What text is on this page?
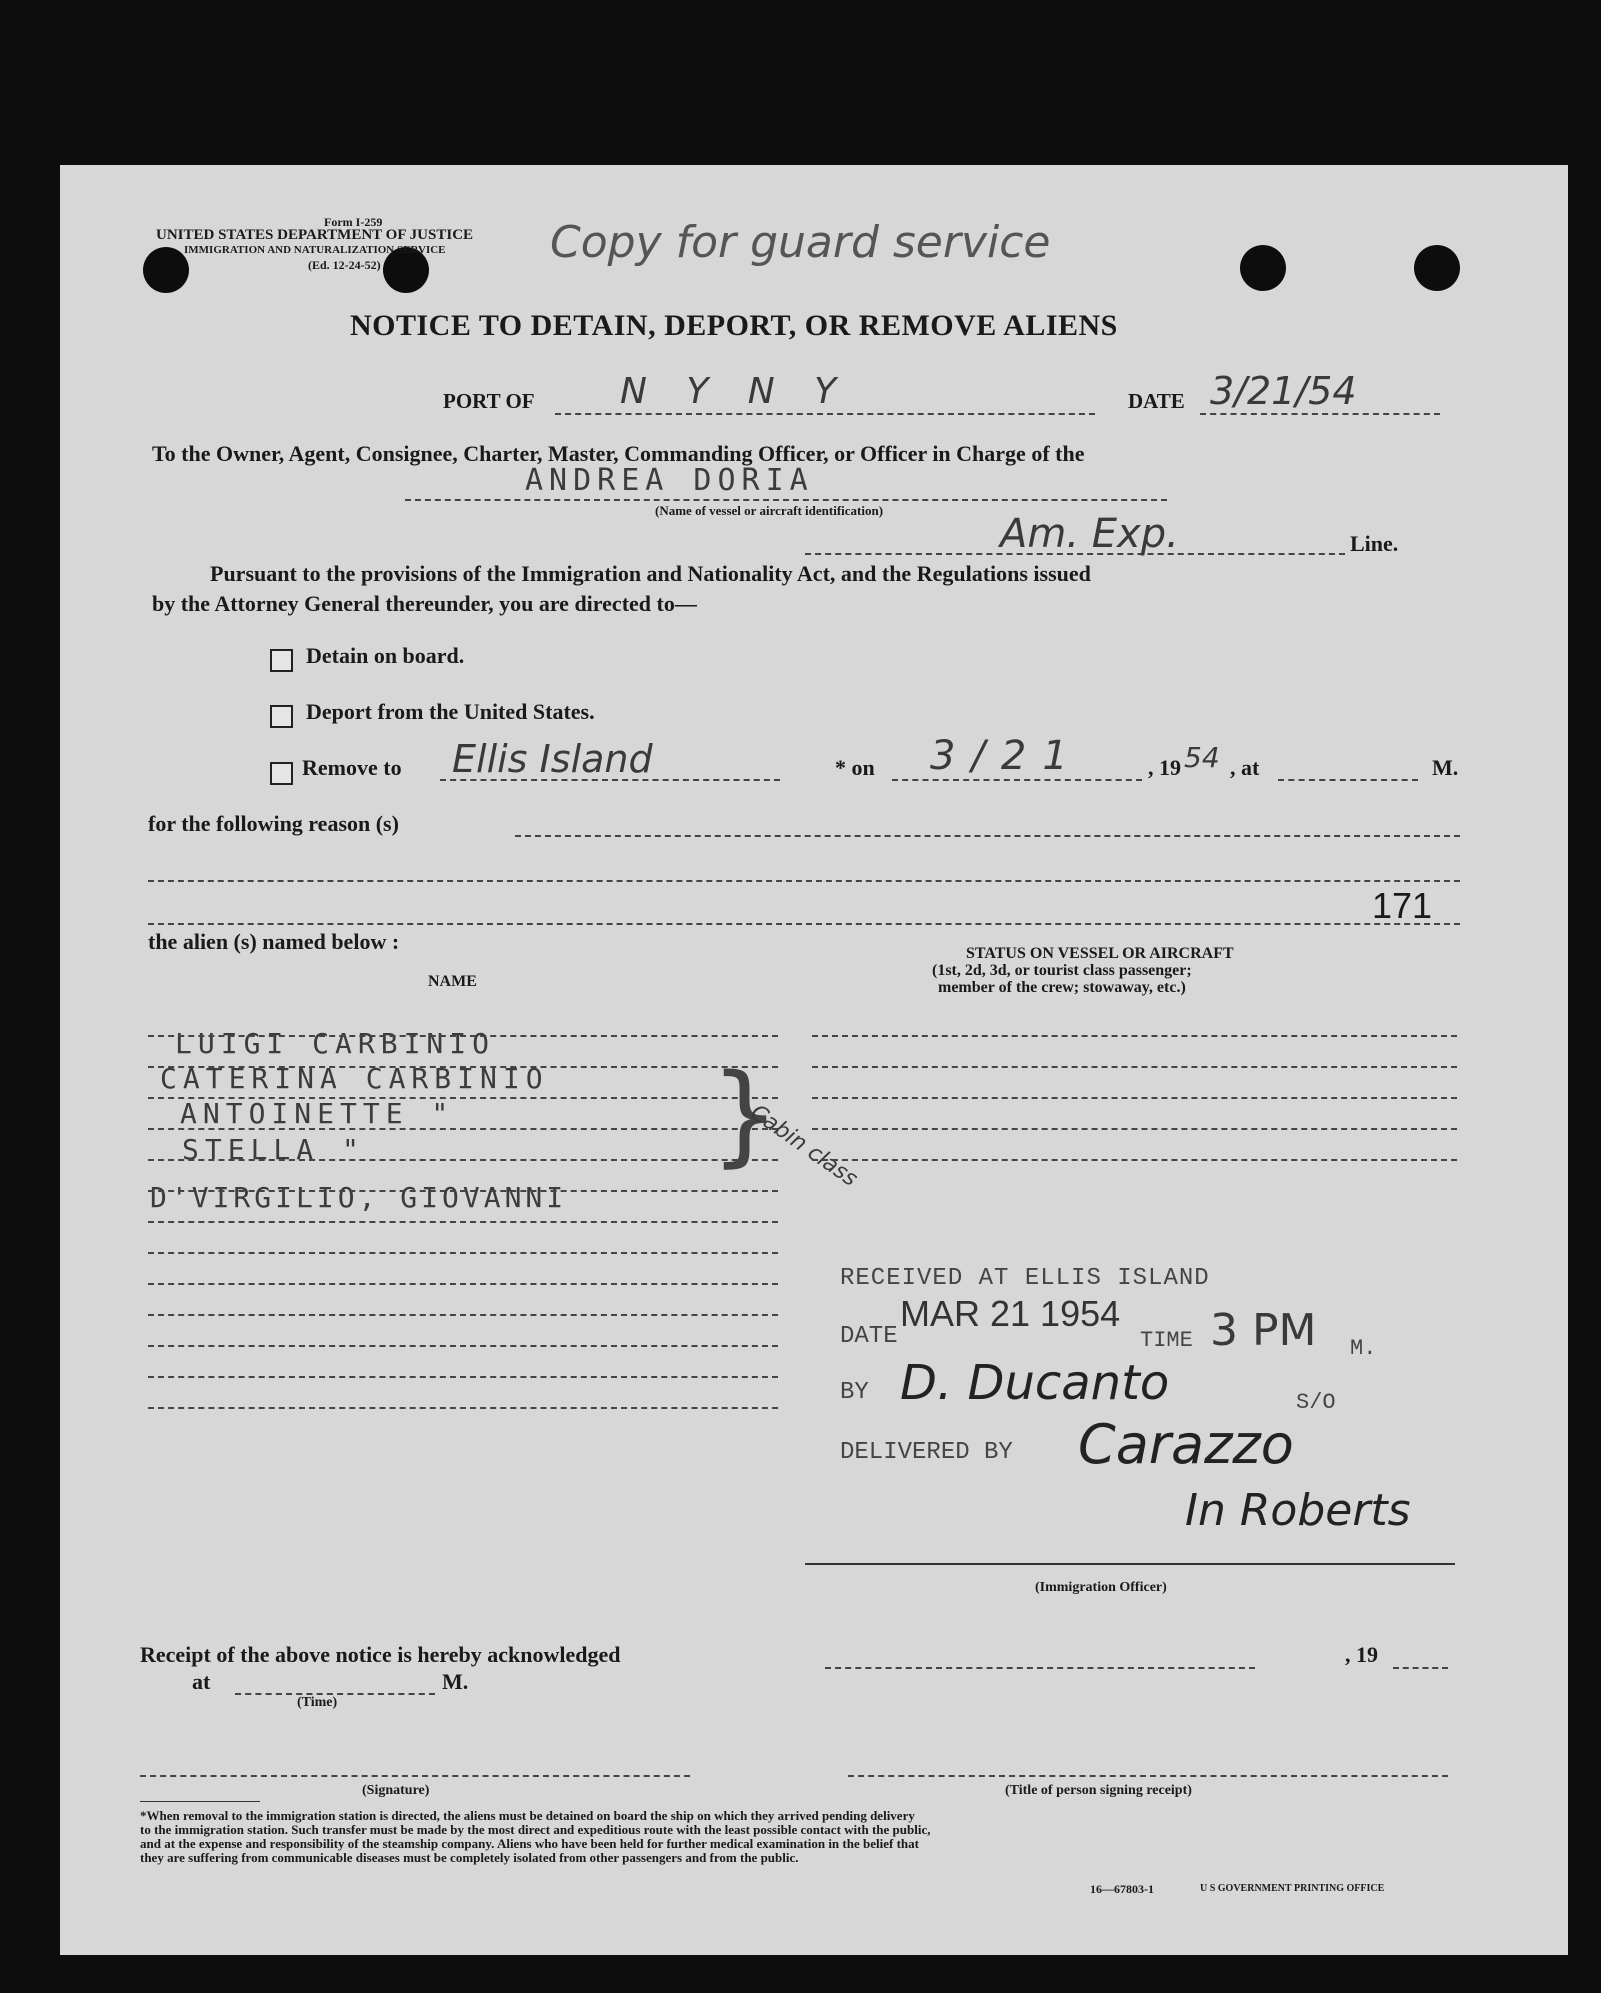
Form I-259
UNITED STATES DEPARTMENT OF JUSTICE
IMMIGRATION AND NATURALIZATION SERVICE
(Ed. 12-24-52)	Copy for guard service
NOTICE TO DETAIN, DEPORT, OR REMOVE ALIENS
PORT OF N Y N Y	DATE 3/21/54
To the Owner, Agent, Consignee, Charter, Master, Commanding Officer, or Officer in Charge of the
ANDREA DORIA
(Name of vessel or aircraft identification)
Am. Exp.	Line.
Pursuant to the provisions of the Immigration and Nationality Act, and the Regulations issued
by the Attorney General thereunder, you are directed to—
Detain on board.
Deport from the United States.
Remove to Ellis Island	* on 3/21	, 19 54 , at	M.
for the following reason (s)
171
the alien (s) named below :
NAME
STATUS ON VESSEL OR AIRCRAFT
(1st, 2d, 3d, or tourist class passenger;
member of the crew; stowaway, etc.)
LUIGI CARBINIO
CATERINA CARBINIO
ANTOINETTE "
STELLA "
D'VIRGILIO, GIOVANNI
}
Cabin class
RECEIVED AT ELLIS ISLAND
MAR 21 1954
DATE	TIME 3 PM M.
BY D. Ducanto	S/O
DELIVERED BY Carazzo
In Roberts
(Immigration Officer)
Receipt of the above notice is hereby acknowledged	, 19
at	M.
(Time)
(Signature)	(Title of person signing receipt)
*When removal to the immigration station is directed, the aliens must be detained on board the ship on which they arrived pending delivery
to the immigration station. Such transfer must be made by the most direct and expeditious route with the least possible contact with the public,
and at the expense and responsibility of the steamship company. Aliens who have been held for further medical examination in the belief that
they are suffering from communicable diseases must be completely isolated from other passengers and from the public.
16—67803-1	U S GOVERNMENT PRINTING OFFICE
